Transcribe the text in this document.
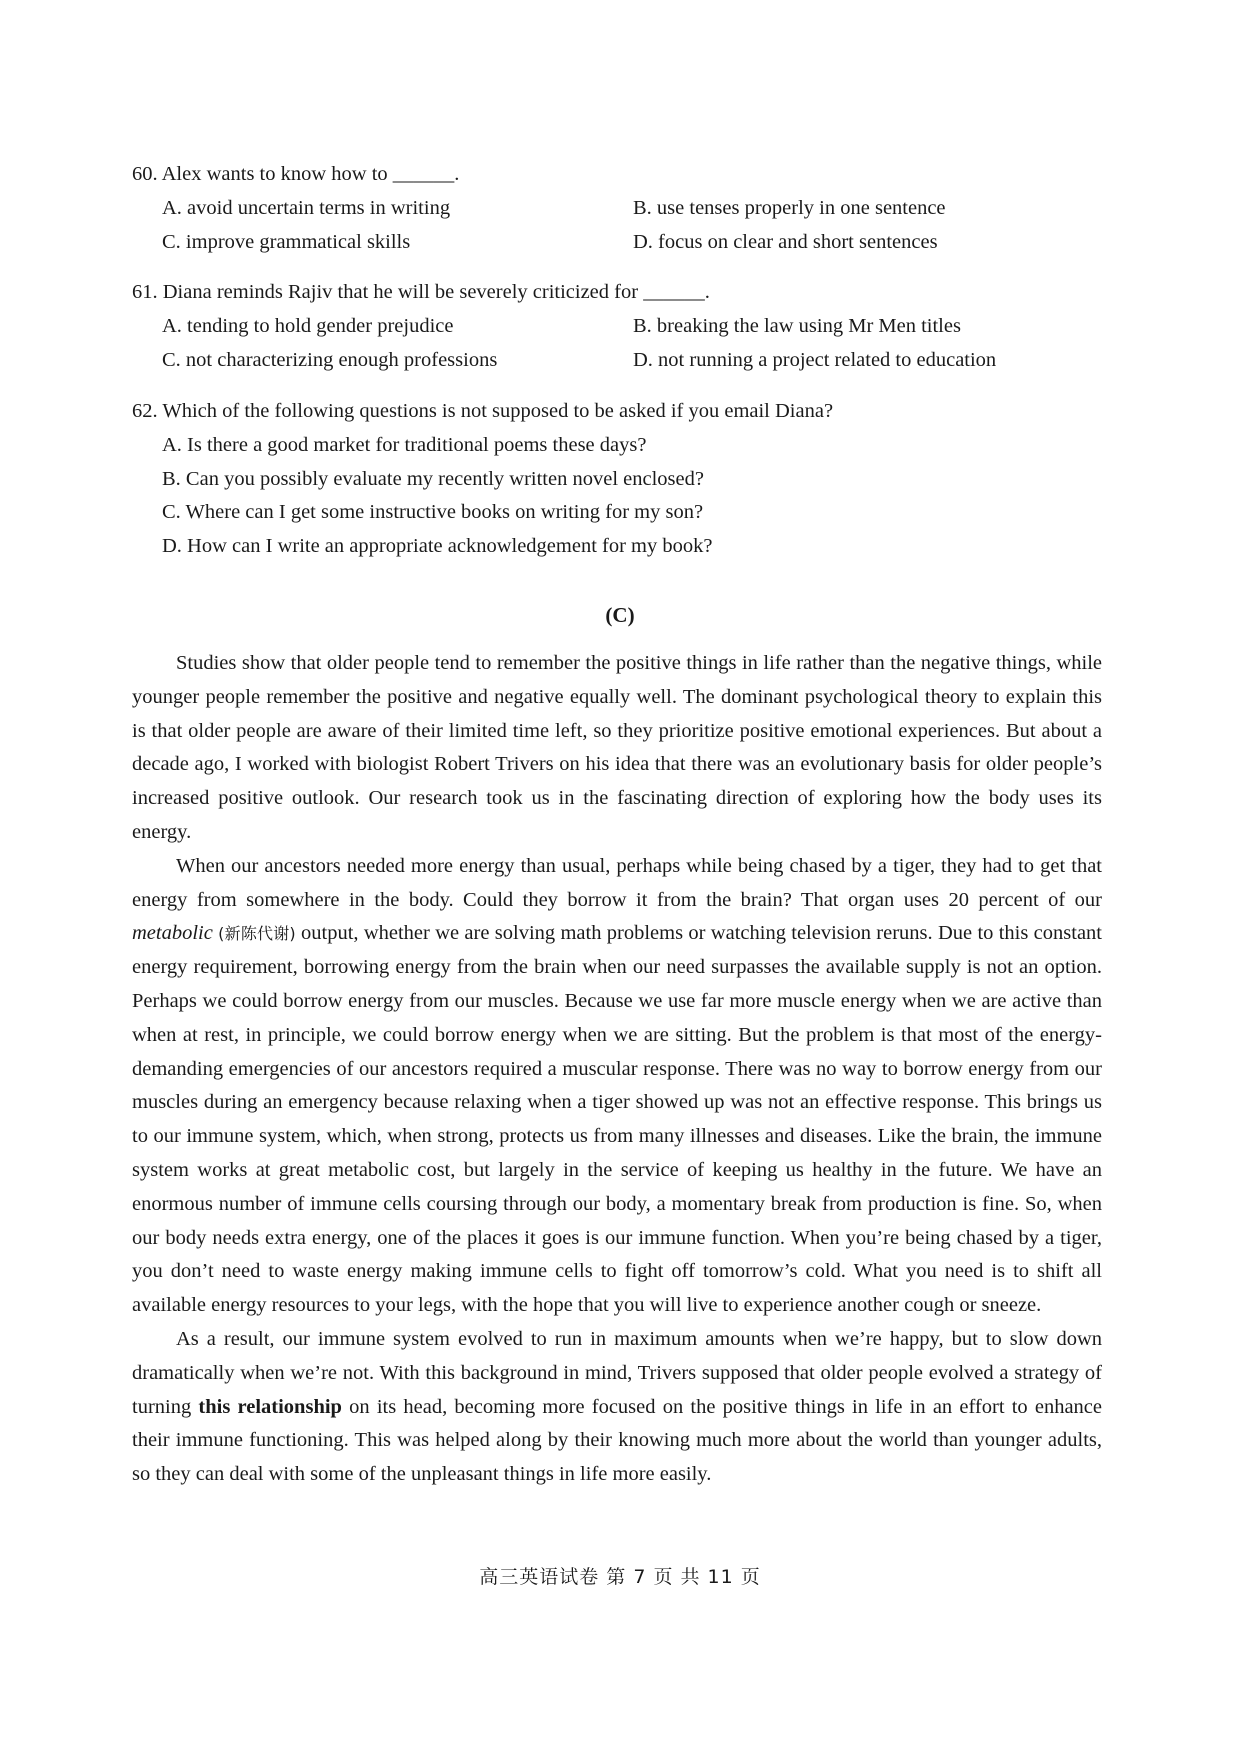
60. Alex wants to know how to ______.
A. avoid uncertain terms in writing	B. use tenses properly in one sentence
C. improve grammatical skills	D. focus on clear and short sentences
61. Diana reminds Rajiv that he will be severely criticized for ______.
A. tending to hold gender prejudice	B. breaking the law using Mr Men titles
C. not characterizing enough professions	D. not running a project related to education
62. Which of the following questions is not supposed to be asked if you email Diana?
A. Is there a good market for traditional poems these days?
B. Can you possibly evaluate my recently written novel enclosed?
C. Where can I get some instructive books on writing for my son?
D. How can I write an appropriate acknowledgement for my book?
(C)

Studies show that older people tend to remember the positive things in life rather than the negative things, while younger people remember the positive and negative equally well. The dominant psychological theory to explain this is that older people are aware of their limited time left, so they prioritize positive emotional experiences. But about a decade ago, I worked with biologist Robert Trivers on his idea that there was an evolutionary basis for older people’s increased positive outlook. Our research took us in the fascinating direction of exploring how the body uses its energy.

When our ancestors needed more energy than usual, perhaps while being chased by a tiger, they had to get that energy from somewhere in the body. Could they borrow it from the brain? That organ uses 20 percent of our metabolic (新陈代谢) output, whether we are solving math problems or watching television reruns. Due to this constant energy requirement, borrowing energy from the brain when our need surpasses the available supply is not an option. Perhaps we could borrow energy from our muscles. Because we use far more muscle energy when we are active than when at rest, in principle, we could borrow energy when we are sitting. But the problem is that most of the energy-demanding emergencies of our ancestors required a muscular response. There was no way to borrow energy from our muscles during an emergency because relaxing when a tiger showed up was not an effective response. This brings us to our immune system, which, when strong, protects us from many illnesses and diseases. Like the brain, the immune system works at great metabolic cost, but largely in the service of keeping us healthy in the future. We have an enormous number of immune cells coursing through our body, a momentary break from production is fine. So, when our body needs extra energy, one of the places it goes is our immune function. When you’re being chased by a tiger, you don’t need to waste energy making immune cells to fight off tomorrow’s cold. What you need is to shift all available energy resources to your legs, with the hope that you will live to experience another cough or sneeze.

As a result, our immune system evolved to run in maximum amounts when we’re happy, but to slow down dramatically when we’re not. With this background in mind, Trivers supposed that older people evolved a strategy of turning this relationship on its head, becoming more focused on the positive things in life in an effort to enhance their immune functioning. This was helped along by their knowing much more about the world than younger adults, so they can deal with some of the unpleasant things in life more easily.

高三英语试卷 第 7 页 共 11 页
